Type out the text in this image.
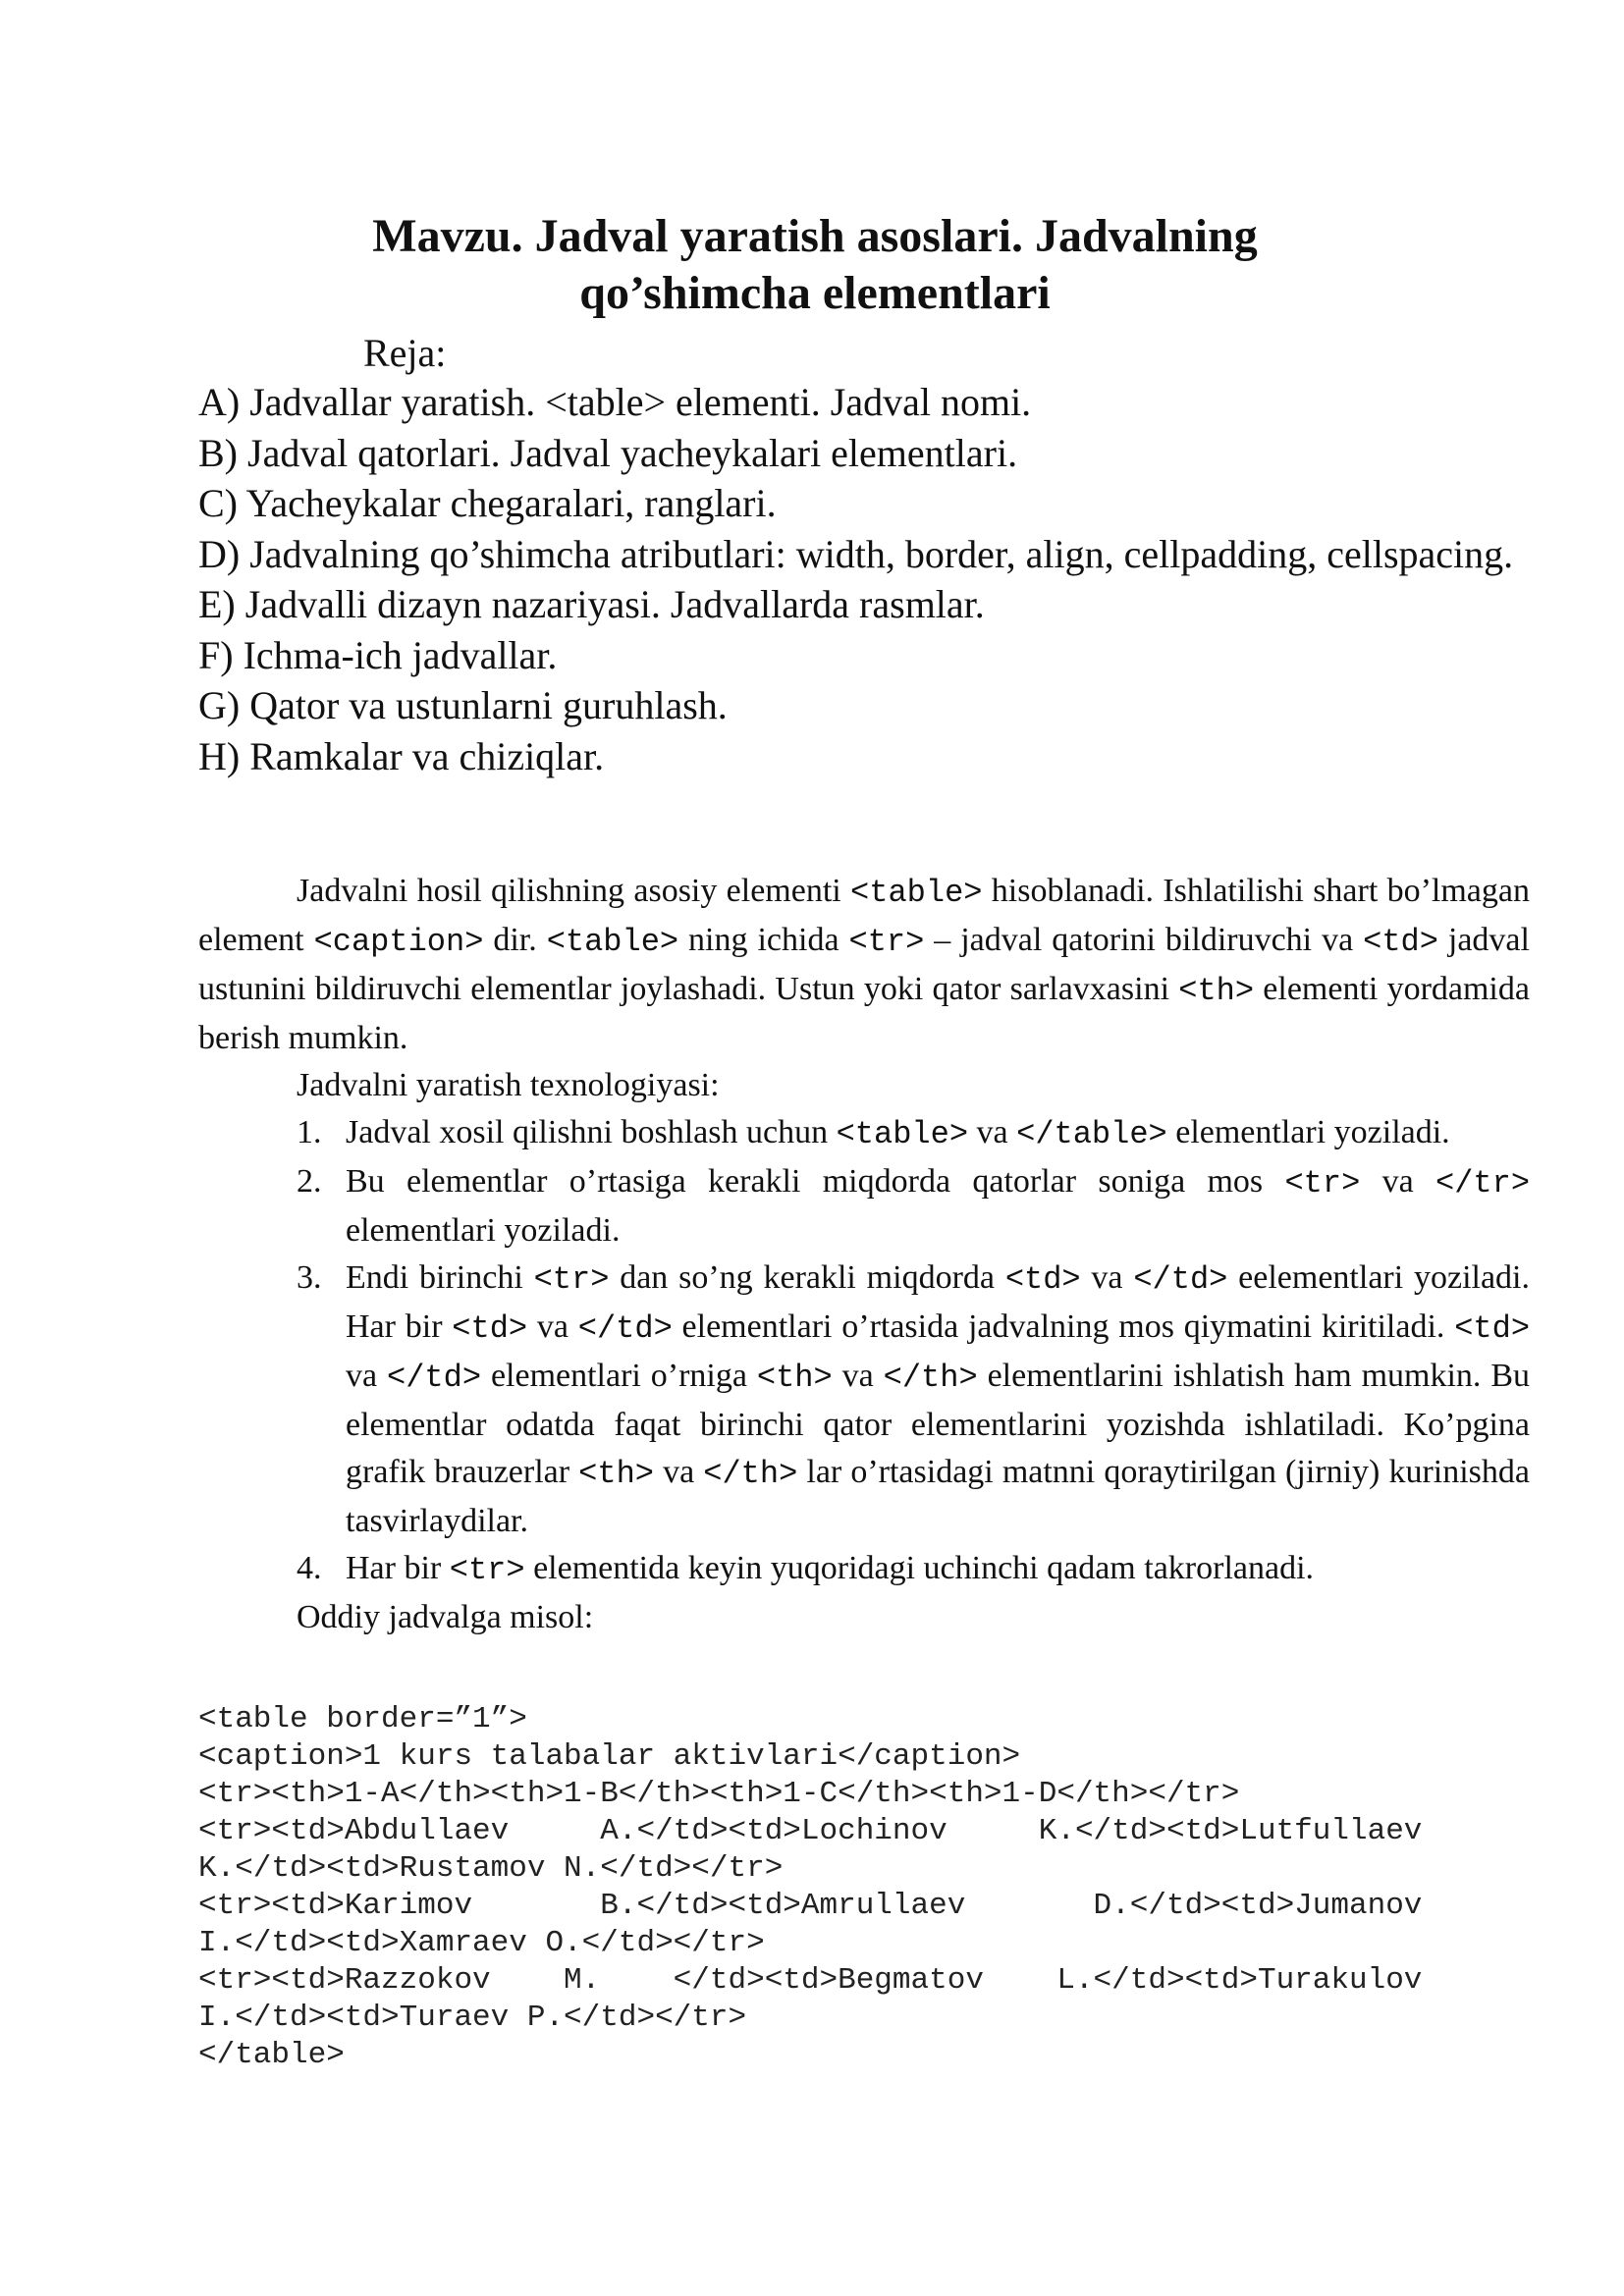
Mavzu. Jadval yaratish asoslari. Jadvalning
qo’shimcha elementlari
Reja:
A) Jadvallar yaratish. <table> elementi. Jadval nomi.
B) Jadval qatorlari. Jadval yacheykalari elementlari.
C) Yacheykalar chegaralari, ranglari.
D) Jadvalning qo’shimcha atributlari: width, border, align, cellpadding, cellspacing.
E) Jadvalli dizayn nazariyasi. Jadvallarda rasmlar.
F) Ichma-ich jadvallar.
G) Qator va ustunlarni guruhlash.
H) Ramkalar va chiziqlar.

Jadvalni hosil qilishning asosiy elementi <table> hisoblanadi. Ishlatilishi shart bo’lmagan element <caption> dir. <table> ning ichida <tr> – jadval qatorini bildiruvchi va <td> jadval ustunini bildiruvchi elementlar joylashadi. Ustun yoki qator sarlavxasini <th> elementi yordamida berish mumkin.

Jadvalni yaratish texnologiyasi:

1. Jadval xosil qilishni boshlash uchun <table> va </table> elementlari yoziladi.
2. Bu elementlar o’rtasiga kerakli miqdorda qatorlar soniga mos <tr> va </tr> elementlari yoziladi.
3. Endi birinchi <tr> dan so’ng kerakli miqdorda <td> va </td> eelementlari yoziladi. Har bir <td> va </td> elementlari o’rtasida jadvalning mos qiymatini kiritiladi. <td> va </td> elementlari o’rniga <th> va </th> elementlarini ishlatish ham mumkin. Bu elementlar odatda faqat birinchi qator elementlarini yozishda ishlatiladi. Ko’pgina grafik brauzerlar <th> va </th> lar o’rtasidagi matnni qoraytirilgan (jirniy) kurinishda tasvirlaydilar.
4. Har bir <tr> elementida keyin yuqoridagi uchinchi qadam takrorlanadi.

Oddiy jadvalga misol:

<table border=”1”>
<caption>1 kurs talabalar aktivlari</caption>
<tr><th>1-A</th><th>1-B</th><th>1-C</th><th>1-D</th></tr>
<tr><td>Abdullaev     A.</td><td>Lochinov     K.</td><td>Lutfullaev
K.</td><td>Rustamov N.</td></tr>
<tr><td>Karimov       B.</td><td>Amrullaev       D.</td><td>Jumanov
I.</td><td>Xamraev O.</td></tr>
<tr><td>Razzokov    M.    </td><td>Begmatov    L.</td><td>Turakulov
I.</td><td>Turaev P.</td></tr>
</table>
